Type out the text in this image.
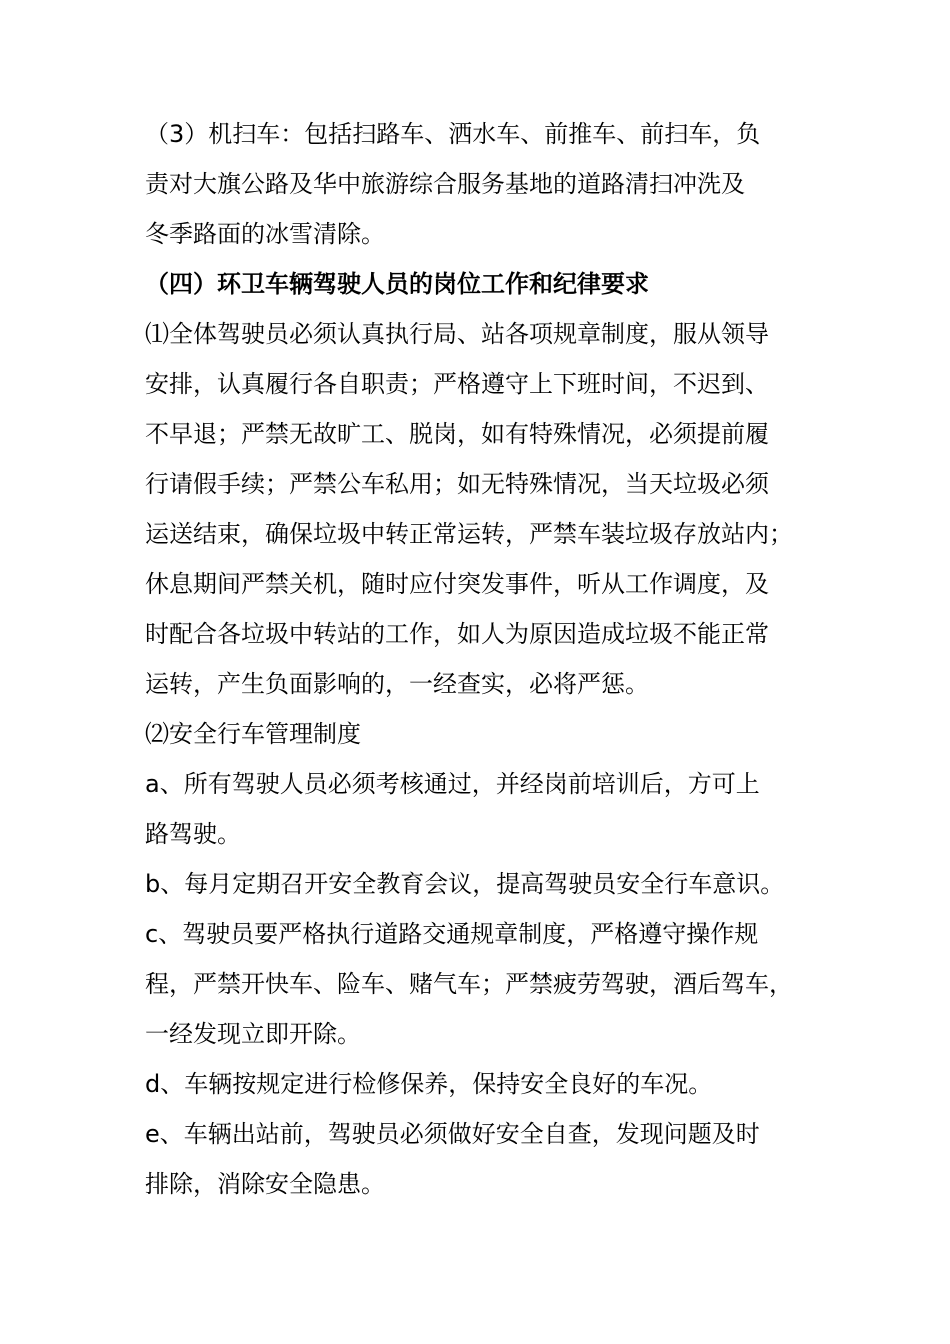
（3）机扫车：包括扫路车、洒水车、前推车、前扫车，负
责对大旗公路及华中旅游综合服务基地的道路清扫冲洗及
冬季路面的冰雪清除。

（四）环卫车辆驾驶人员的岗位工作和纪律要求

⑴全体驾驶员必须认真执行局、站各项规章制度，服从领导
安排，认真履行各自职责；严格遵守上下班时间，不迟到、
不早退；严禁无故旷工、脱岗，如有特殊情况，必须提前履
行请假手续；严禁公车私用；如无特殊情况，当天垃圾必须
运送结束，确保垃圾中转正常运转，严禁车装垃圾存放站内；
休息期间严禁关机，随时应付突发事件，听从工作调度，及
时配合各垃圾中转站的工作，如人为原因造成垃圾不能正常
运转，产生负面影响的，一经查实，必将严惩。

⑵安全行车管理制度

a、所有驾驶人员必须考核通过，并经岗前培训后，方可上
路驾驶。

b、每月定期召开安全教育会议，提高驾驶员安全行车意识。

c、驾驶员要严格执行道路交通规章制度，严格遵守操作规
程，严禁开快车、险车、赌气车；严禁疲劳驾驶，酒后驾车，
一经发现立即开除。

d、车辆按规定进行检修保养，保持安全良好的车况。

e、车辆出站前，驾驶员必须做好安全自查，发现问题及时
排除，消除安全隐患。
